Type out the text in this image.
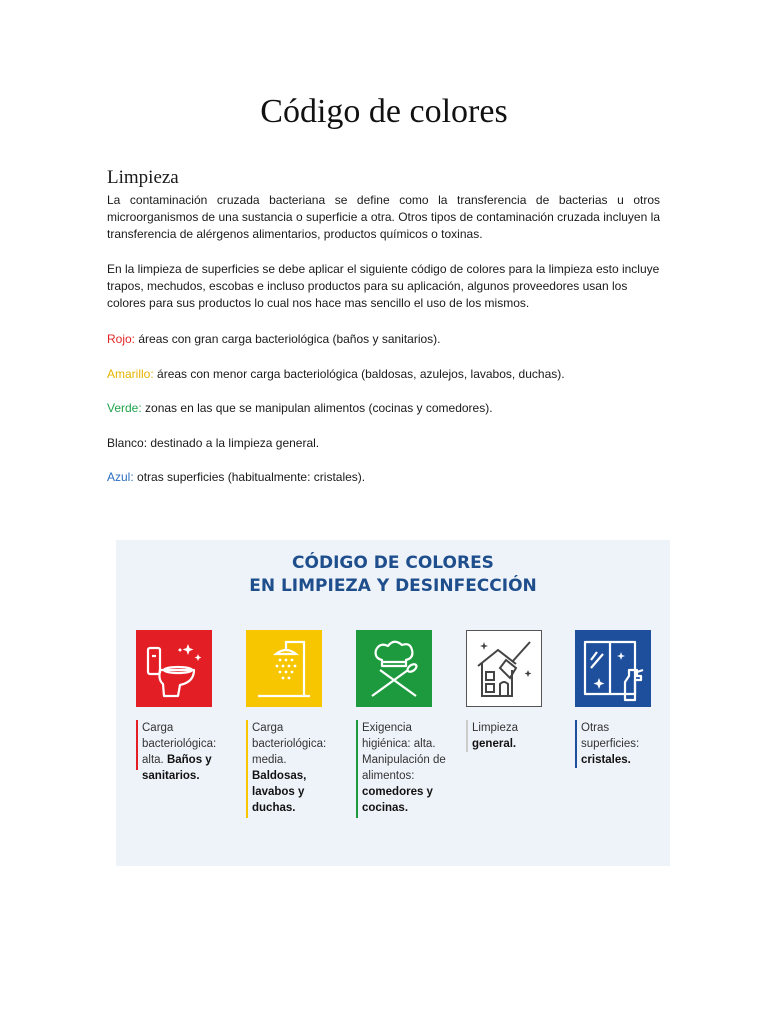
Código de colores
Limpieza
La contaminación cruzada bacteriana se define como la transferencia de bacterias u otros microorganismos de una sustancia o superficie a otra. Otros tipos de contaminación cruzada incluyen la transferencia de alérgenos alimentarios, productos químicos o toxinas.
En la limpieza de superficies se debe aplicar el siguiente código de colores para la limpieza esto incluye trapos, mechudos, escobas e incluso productos para su aplicación, algunos proveedores usan los colores para sus productos lo cual nos hace mas sencillo el uso de los mismos.
Rojo: áreas con gran carga bacteriológica (baños y sanitarios).
Amarillo: áreas con menor carga bacteriológica (baldosas, azulejos, lavabos, duchas).
Verde: zonas en las que se manipulan alimentos (cocinas y comedores).
Blanco: destinado a la limpieza general.
Azul: otras superficies (habitualmente: cristales).
CÓDIGO DE COLORES
EN LIMPIEZA Y DESINFECCIÓN
Carga
bacteriológica:
alta. Baños y
sanitarios.
Carga
bacteriológica:
media.
Baldosas,
lavabos y
duchas.
Exigencia
higiénica: alta.
Manipulación de
alimentos:
comedores y
cocinas.
Limpieza
general.
Otras
superficies:
cristales.
